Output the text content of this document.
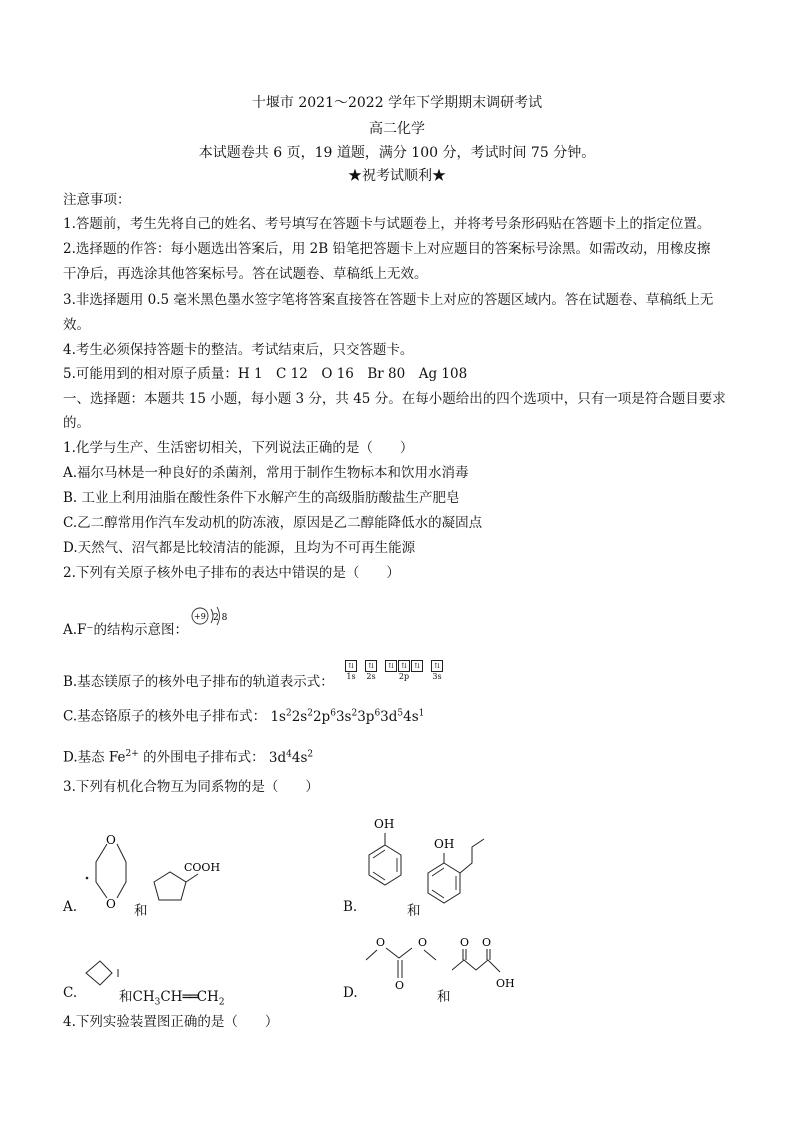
十堰市 2021～2022 学年下学期期末调研考试
高二化学
本试题卷共 6 页，19 道题，满分 100 分，考试时间 75 分钟。
★祝考试顺利★
注意事项：
1.答题前，考生先将自己的姓名、考号填写在答题卡与试题卷上，并将考号条形码贴在答题卡上的指定位置。
2.选择题的作答：每小题选出答案后，用 2B 铅笔把答题卡上对应题目的答案标号涂黑。如需改动，用橡皮擦
干净后，再选涂其他答案标号。答在试题卷、草稿纸上无效。
3.非选择题用 0.5 毫米黑色墨水签字笔将答案直接答在答题卡上对应的答题区域内。答在试题卷、草稿纸上无
效。
4.考生必须保持答题卡的整洁。考试结束后，只交答题卡。
5.可能用到的相对原子质量：H 1　C 12　O 16　Br 80　Ag 108
一、选择题：本题共 15 小题，每小题 3 分，共 45 分。在每小题给出的四个选项中，只有一项是符合题目要求
的。
1.化学与生产、生活密切相关，下列说法正确的是（　　）
A.福尔马林是一种良好的杀菌剂，常用于制作生物标本和饮用水消毒
B. 工业上利用油脂在酸性条件下水解产生的高级脂肪酸盐生产肥皂
C.乙二醇常用作汽车发动机的防冻液，原因是乙二醇能降低水的凝固点
D.天然气、沼气都是比较清洁的能源，且均为不可再生能源
2.下列有关原子核外电子排布的表达中错误的是（　　）
A.F⁻的结构示意图：
+9 2 8
B.基态镁原子的核外电子排布的轨道表示式：
⇅
1s
⇅
2s
⇅	⇅	⇅
2p
⇅
3s
C.基态铬原子的核外电子排布式： $1s^22s^22p^63s^23p^63d^54s^1$
D.基态 $Fe^{2+}$ 的外围电子排布式： $3d^44s^2$
3.下列有机化合物互为同系物的是（　　）
A.
O
O
COOH
和	B.
OH
OH
和
C.	和$CH_3CH══CH_2$
D.
O	O
O
和
O O
OH
4.下列实验装置图正确的是（　　）
